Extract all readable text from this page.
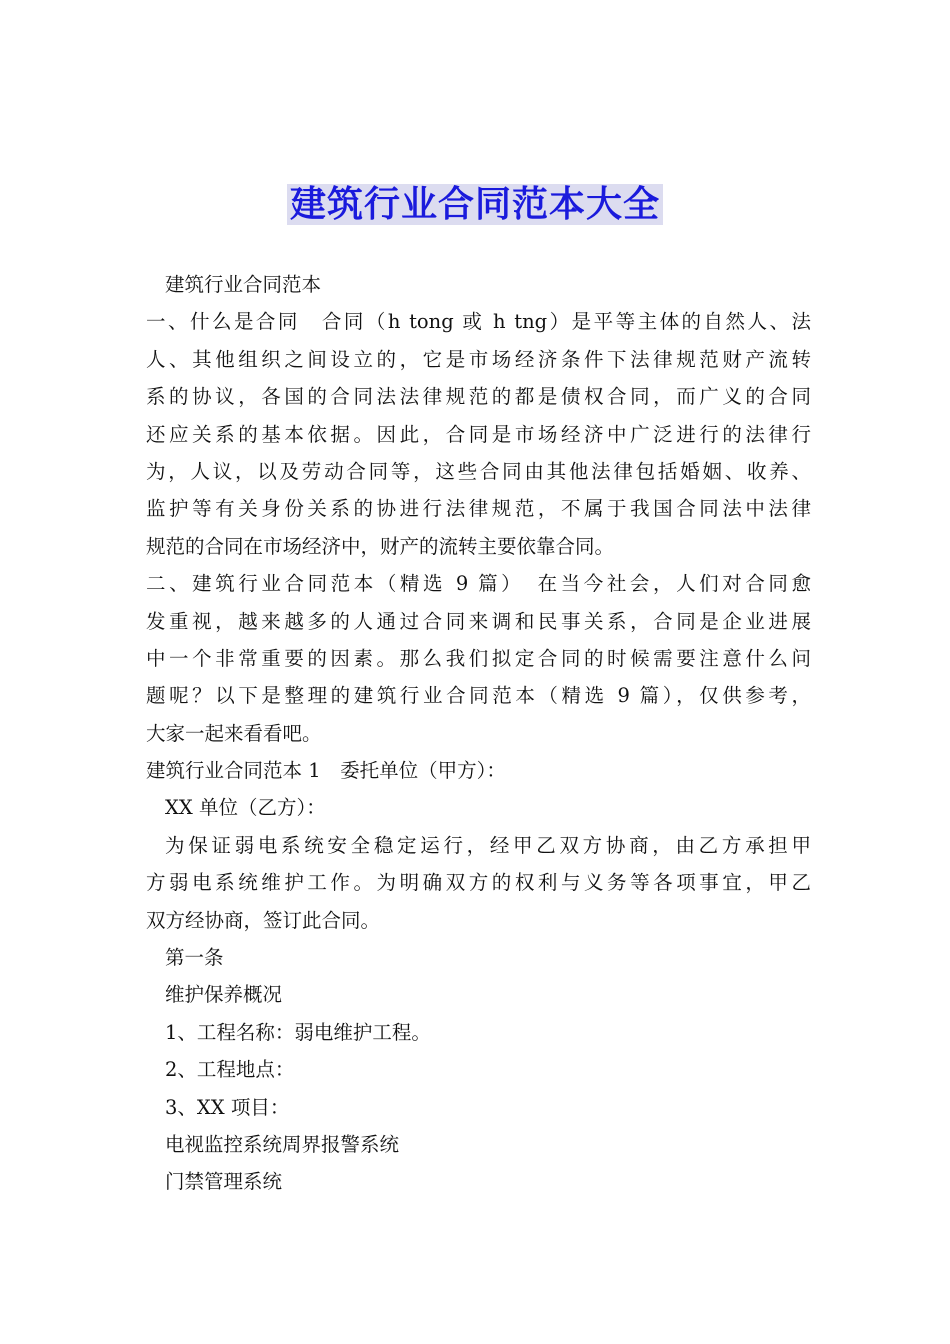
建筑行业合同范本大全
建筑行业合同范本
一、什么是合同　合同（h tong 或 h tng）是平等主体的自然人、法
人、其他组织之间设立的，它是市场经济条件下法律规范财产流转
系的协议，各国的合同法法律规范的都是债权合同，而广义的合同
还应关系的基本依据。因此，合同是市场经济中广泛进行的法律行
为，人议，以及劳动合同等，这些合同由其他法律包括婚姻、收养、
监护等有关身份关系的协进行法律规范，不属于我国合同法中法律
规范的合同在市场经济中，财产的流转主要依靠合同。
二、建筑行业合同范本（精选 9 篇）　在当今社会，人们对合同愈
发重视，越来越多的人通过合同来调和民事关系，合同是企业进展
中一个非常重要的因素。那么我们拟定合同的时候需要注意什么问
题呢？以下是整理的建筑行业合同范本（精选 9 篇），仅供参考，
大家一起来看看吧。
建筑行业合同范本 1　委托单位（甲方）：
XX 单位（乙方）：
为保证弱电系统安全稳定运行，经甲乙双方协商，由乙方承担甲
方弱电系统维护工作。为明确双方的权利与义务等各项事宜，甲乙
双方经协商，签订此合同。
第一条
维护保养概况
1、工程名称：弱电维护工程。
2、工程地点：
3、XX 项目：
电视监控系统周界报警系统
门禁管理系统
